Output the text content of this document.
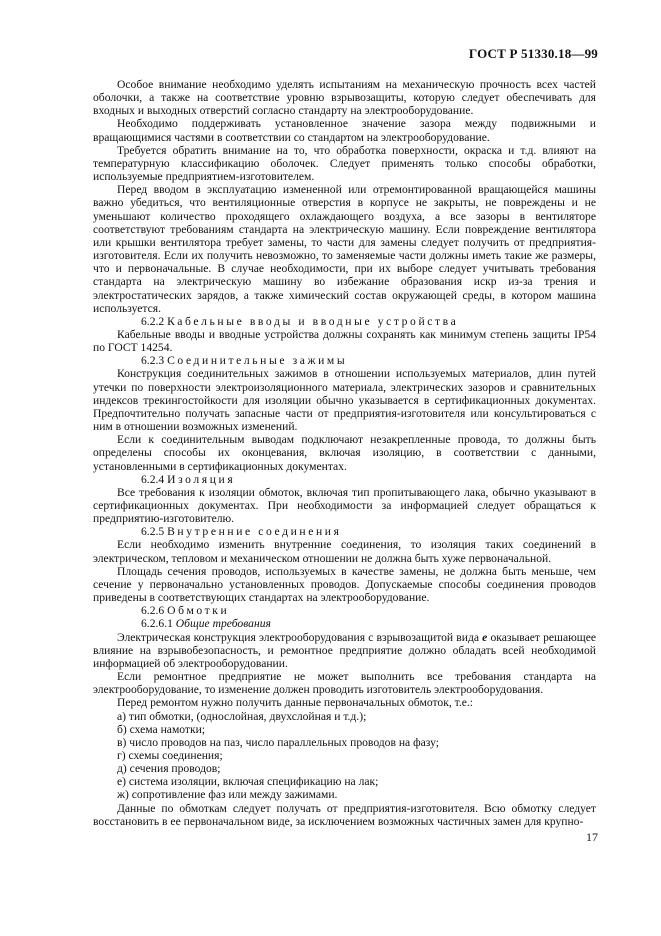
ГОСТ Р 51330.18—99

Особое внимание необходимо уделять испытаниям на механическую прочность всех частей оболочки, а также на соответствие уровню взрывозащиты, которую следует обеспечивать для входных и выходных отверстий согласно стандарту на электрооборудование.

Необходимо поддерживать установленное значение зазора между подвижными и вращающимися частями в соответствии со стандартом на электрооборудование.

Требуется обратить внимание на то, что обработка поверхности, окраска и т.д. влияют на температурную классификацию оболочек. Следует применять только способы обработки, используемые предприятием-изготовителем.

Перед вводом в эксплуатацию измененной или отремонтированной вращающейся машины важно убедиться, что вентиляционные отверстия в корпусе не закрыты, не повреждены и не уменьшают количество проходящего охлаждающего воздуха, а все зазоры в вентиляторе соответствуют требованиям стандарта на электрическую машину. Если повреждение вентилятора или крышки вентилятора требует замены, то части для замены следует получить от предприятия-изготовителя. Если их получить невозможно, то заменяемые части должны иметь такие же размеры, что и первоначальные. В случае необходимости, при их выборе следует учитывать требования стандарта на электрическую машину во избежание образования искр из-за трения и электростатических зарядов, а также химический состав окружающей среды, в котором машина используется.

6.2.2 Кабельные вводы и вводные устройства

Кабельные вводы и вводные устройства должны сохранять как минимум степень защиты IP54 по ГОСТ 14254.

6.2.3 Соединительные зажимы

Конструкция соединительных зажимов в отношении используемых материалов, длин путей утечки по поверхности электроизоляционного материала, электрических зазоров и сравнительных индексов трекингостойкости для изоляции обычно указывается в сертификационных документах. Предпочтительно получать запасные части от предприятия-изготовителя или консультироваться с ним в отношении возможных изменений.

Если к соединительным выводам подключают незакрепленные провода, то должны быть определены способы их оконцевания, включая изоляцию, в соответствии с данными, установленными в сертификационных документах.

6.2.4 Изоляция

Все требования к изоляции обмоток, включая тип пропитывающего лака, обычно указывают в сертификационных документах. При необходимости за информацией следует обращаться к предприятию-изготовителю.

6.2.5 Внутренние соединения

Если необходимо изменить внутренние соединения, то изоляция таких соединений в электрическом, тепловом и механическом отношении не должна быть хуже первоначальной.

Площадь сечения проводов, используемых в качестве замены, не должна быть меньше, чем сечение у первоначально установленных проводов. Допускаемые способы соединения проводов приведены в соответствующих стандартах на электрооборудование.

6.2.6 Обмотки

6.2.6.1 Общие требования

Электрическая конструкция электрооборудования с взрывозащитой вида е оказывает решающее влияние на взрывобезопасность, и ремонтное предприятие должно обладать всей необходимой информацией об электрооборудовании.

Если ремонтное предприятие не может выполнить все требования стандарта на электрооборудование, то изменение должен проводить изготовитель электрооборудования.

Перед ремонтом нужно получить данные первоначальных обмоток, т.е.:

а) тип обмотки, (однослойная, двухслойная и т.д.);

б) схема намотки;

в) число проводов на паз, число параллельных проводов на фазу;

г) схемы соединения;

д) сечения проводов;

е) система изоляции, включая спецификацию на лак;

ж) сопротивление фаз или между зажимами.

Данные по обмоткам следует получать от предприятия-изготовителя. Всю обмотку следует восстановить в ее первоначальном виде, за исключением возможных частичных замен для крупно-

17
